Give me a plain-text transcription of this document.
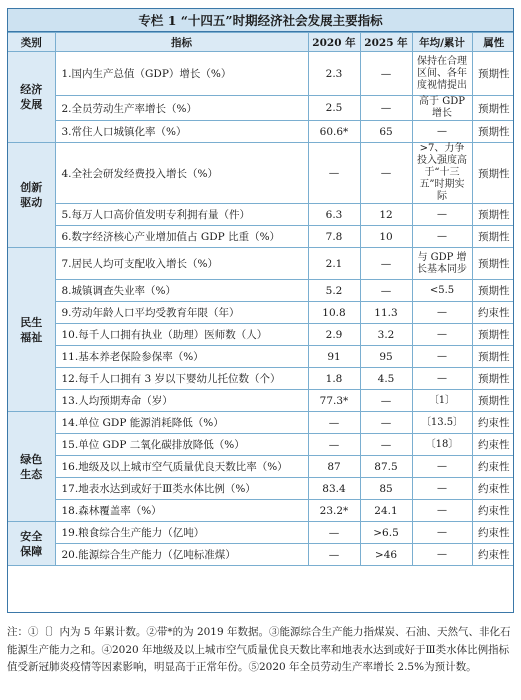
专栏 1 “十四五”时期经济社会发展主要指标
类别	指标	2020 年	2025 年	年均/累计	属性
经济发展	1.国内生产总值（GDP）增长（%）	2.3	—	保持在合理区间、各年度视情提出	预期性
	2.全员劳动生产率增长（%）	2.5	—	高于 GDP 增长	预期性
	3.常住人口城镇化率（%）	60.6*	65	—	预期性
创新驱动	4.全社会研发经费投入增长（%）	—	—	>7、力争投入强度高于“十三五”时期实际	预期性
	5.每万人口高价值发明专利拥有量（件）	6.3	12	—	预期性
	6.数字经济核心产业增加值占 GDP 比重（%）	7.8	10	—	预期性
民生福祉	7.居民人均可支配收入增长（%）	2.1	—	与 GDP 增长基本同步	预期性
	8.城镇调查失业率（%）	5.2	—	<5.5	预期性
	9.劳动年龄人口平均受教育年限（年）	10.8	11.3	—	约束性
	10.每千人口拥有执业（助理）医师数（人）	2.9	3.2	—	预期性
	11.基本养老保险参保率（%）	91	95	—	预期性
	12.每千人口拥有 3 岁以下婴幼儿托位数（个）	1.8	4.5	—	预期性
	13.人均预期寿命（岁）	77.3*	—	〔1〕	预期性
绿色生态	14.单位 GDP 能源消耗降低（%）	—	—	〔13.5〕	约束性
	15.单位 GDP 二氧化碳排放降低（%）	—	—	〔18〕	约束性
	16.地级及以上城市空气质量优良天数比率（%）	87	87.5	—	约束性
	17.地表水达到或好于Ⅲ类水体比例（%）	83.4	85	—	约束性
	18.森林覆盖率（%）	23.2*	24.1	—	约束性
安全保障	19.粮食综合生产能力（亿吨）	—	>6.5	—	约束性
	20.能源综合生产能力（亿吨标准煤）	—	>46	—	约束性
注：①〔〕内为 5 年累计数。②带*的为 2019 年数据。③能源综合生产能力指煤炭、石油、天然气、非化石能源生产能力之和。④2020 年地级及以上城市空气质量优良天数比率和地表水达到或好于Ⅲ类水体比例指标值受新冠肺炎疫情等因素影响，明显高于正常年份。⑤2020 年全员劳动生产率增长 2.5%为预计数。
